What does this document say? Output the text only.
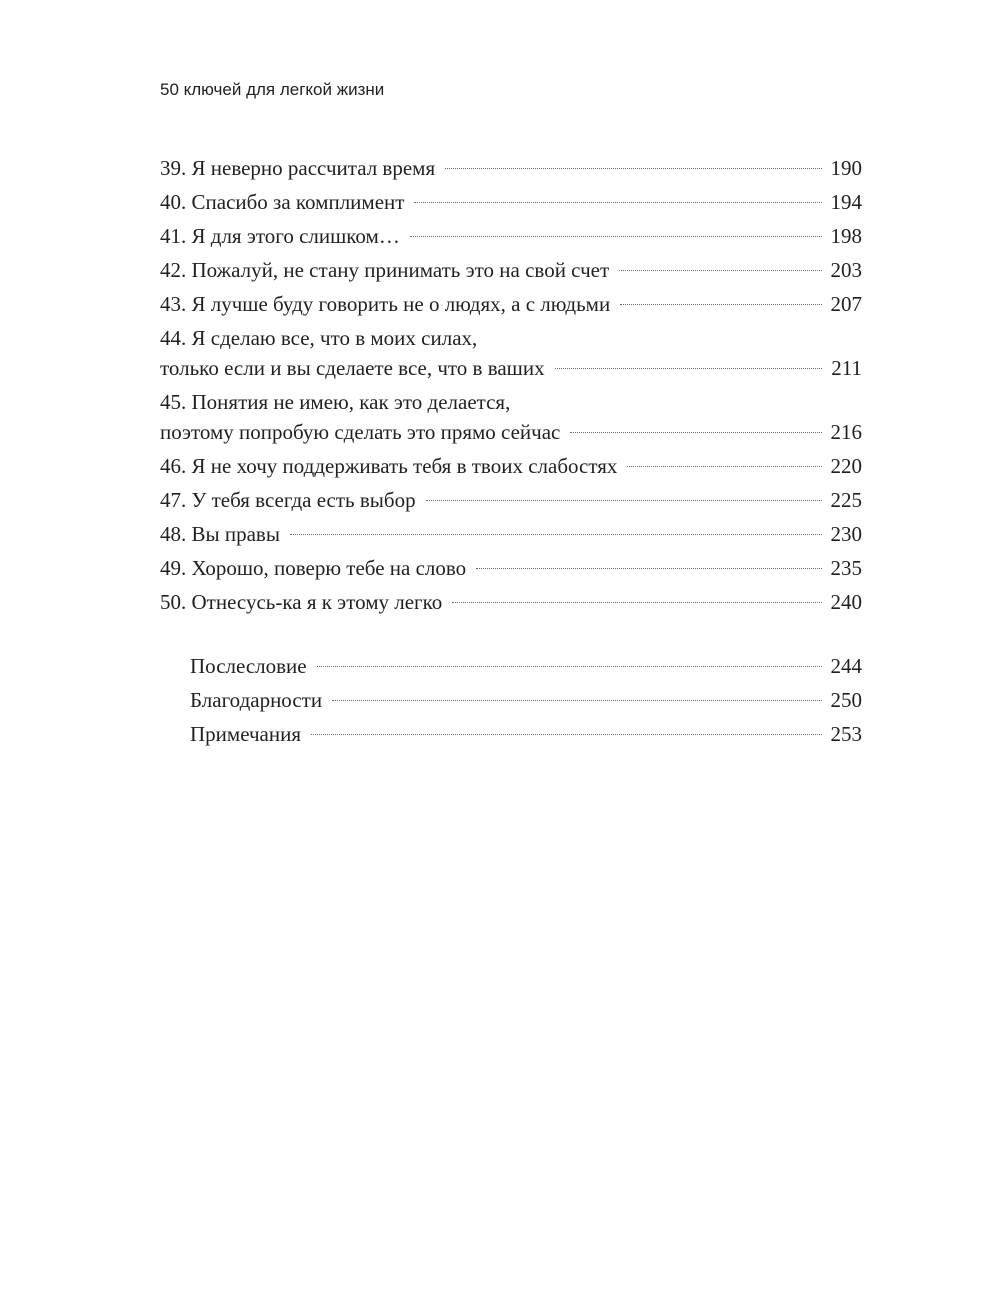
50 ключей для легкой жизни
39. Я неверно рассчитал время	190
40. Спасибо за комплимент	194
41. Я для этого слишком…	198
42. Пожалуй, не стану принимать это на свой счет	203
43. Я лучше буду говорить не о людях, а с людьми	207
44. Я сделаю все, что в моих силах,
только если и вы сделаете все, что в ваших	211
45. Понятия не имею, как это делается,
поэтому попробую сделать это прямо сейчас	216
46. Я не хочу поддерживать тебя в твоих слабостях	220
47. У тебя всегда есть выбор	225
48. Вы правы	230
49. Хорошо, поверю тебе на слово	235
50. Отнесусь-ка я к этому легко	240
Послесловие	244
Благодарности	250
Примечания	253
